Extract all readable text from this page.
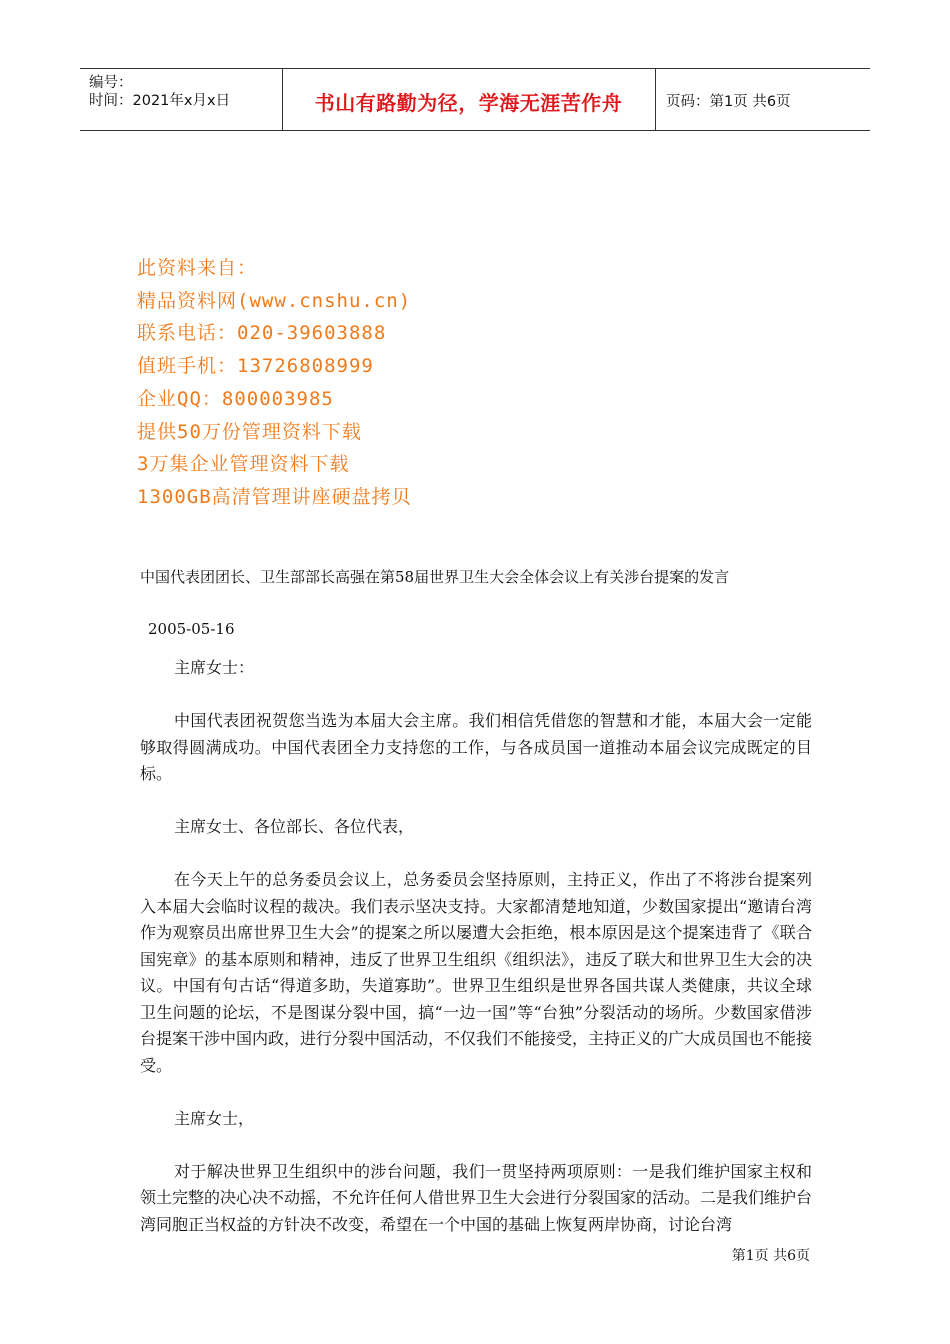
编号：
时间：2021年x月x日	书山有路勤为径，学海无涯苦作舟	页码：第1页 共6页
此资料来自：
精品资料网(www.cnshu.cn)
联系电话：020-39603888
值班手机：13726808999
企业QQ：800003985
提供50万份管理资料下载
3万集企业管理资料下载
1300GB高清管理讲座硬盘拷贝

中国代表团团长、卫生部部长高强在第58届世界卫生大会全体会议上有关涉台提案的发言

2005-05-16

主席女士：

中国代表团祝贺您当选为本届大会主席。我们相信凭借您的智慧和才能，本届大会一定能够取得圆满成功。中国代表团全力支持您的工作，与各成员国一道推动本届会议完成既定的目标。

主席女士、各位部长、各位代表，

在今天上午的总务委员会议上，总务委员会坚持原则，主持正义，作出了不将涉台提案列入本届大会临时议程的裁决。我们表示坚决支持。大家都清楚地知道，少数国家提出“邀请台湾作为观察员出席世界卫生大会”的提案之所以屡遭大会拒绝，根本原因是这个提案违背了《联合国宪章》的基本原则和精神，违反了世界卫生组织《组织法》，违反了联大和世界卫生大会的决议。中国有句古话“得道多助，失道寡助”。世界卫生组织是世界各国共谋人类健康，共议全球卫生问题的论坛，不是图谋分裂中国，搞“一边一国”等“台独”分裂活动的场所。少数国家借涉台提案干涉中国内政，进行分裂中国活动，不仅我们不能接受，主持正义的广大成员国也不能接受。

主席女士，

对于解决世界卫生组织中的涉台问题，我们一贯坚持两项原则：一是我们维护国家主权和领土完整的决心决不动摇，不允许任何人借世界卫生大会进行分裂国家的活动。二是我们维护台湾同胞正当权益的方针决不改变，希望在一个中国的基础上恢复两岸协商，讨论台湾

第1页 共6页
